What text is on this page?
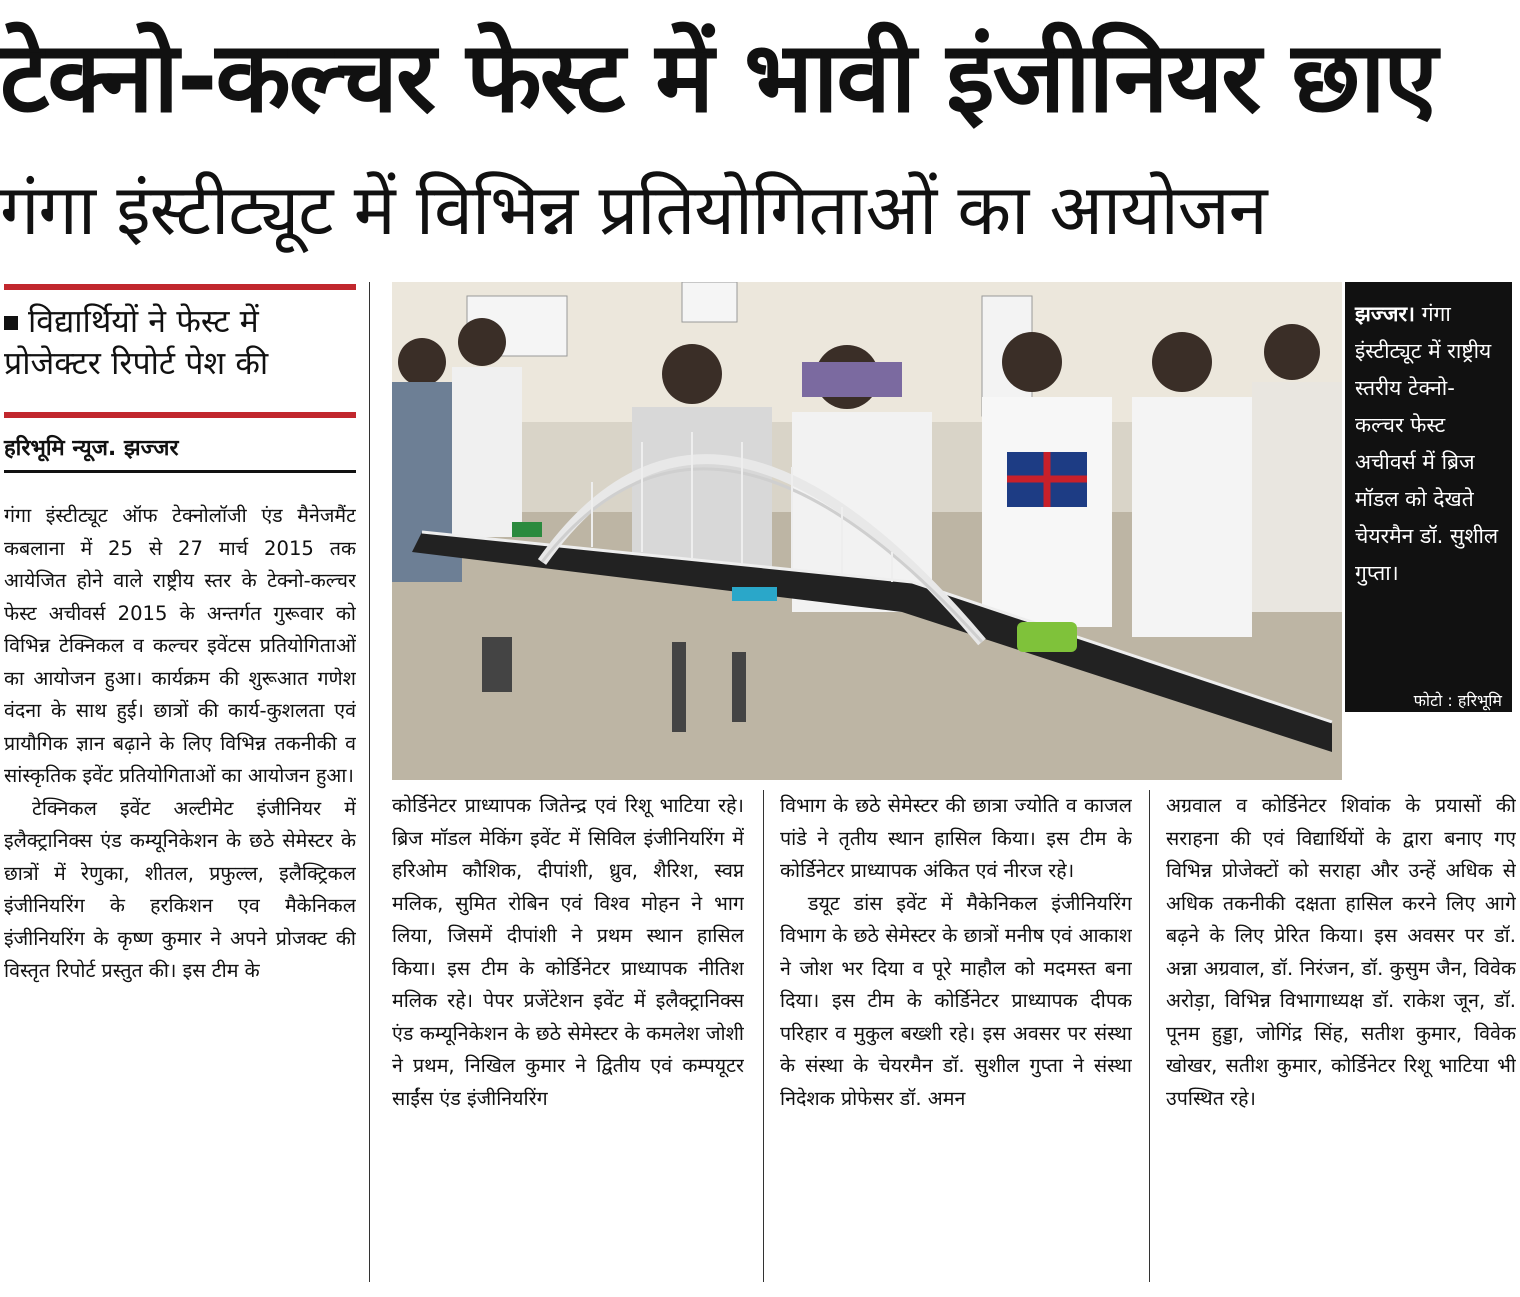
टेक्नो-कल्चर फेस्ट में भावी इंजीनियर छाए
गंगा इंस्टीट्यूट में विभिन्न प्रतियोगिताओं का आयोजन
विद्यार्थियों ने फेस्ट में प्रोजेक्टर रिपोर्ट पेश की
हरिभूमि न्यूज. झज्जर
झज्जर। गंगा इंस्टीट्यूट में राष्ट्रीय स्तरीय टेक्नो-कल्चर फेस्ट अचीवर्स में ब्रिज मॉडल को देखते चेयरमैन डॉ. सुशील गुप्ता।
फोटो : हरिभूमि

गंगा इंस्टीट्यूट ऑफ टेक्नोलॉजी एंड मैनेजमैंट कबलाना में 25 से 27 मार्च 2015 तक आयेजित होने वाले राष्ट्रीय स्तर के टेक्नो-कल्चर फेस्ट अचीवर्स 2015 के अन्तर्गत गुरूवार को विभिन्न टेक्निकल व कल्चर इवेंटस प्रतियोगिताओं का आयोजन हुआ। कार्यक्रम की शुरूआत गणेश वंदना के साथ हुई। छात्रों की कार्य-कुशलता एवं प्रायौगिक ज्ञान बढ़ाने के लिए विभिन्न तकनीकी व सांस्कृतिक इवेंट प्रतियोगिताओं का आयोजन हुआ।

टेक्निकल इवेंट अल्टीमेट इंजीनियर में इलैक्ट्रानिक्स एंड कम्यूनिकेशन के छठे सेमेस्टर के छात्रों में रेणुका, शीतल, प्रफुल्ल, इलैक्ट्रिकल इंजीनियरिंग के हरकिशन एव मैकेनिकल इंजीनियरिंग के कृष्ण कुमार ने अपने प्रोजक्ट की विस्तृत रिपोर्ट प्रस्तुत की। इस टीम के

कोर्डिनेटर प्राध्यापक जितेन्द्र एवं रिशू भाटिया रहे। ब्रिज मॉडल मेकिंग इवेंट में सिविल इंजीनियरिंग में हरिओम कौशिक, दीपांशी, ध्रुव, शैरिश, स्वप्न मलिक, सुमित रोबिन एवं विश्व मोहन ने भाग लिया, जिसमें दीपांशी ने प्रथम स्थान हासिल किया। इस टीम के कोर्डिनेटर प्राध्यापक नीतिश मलिक रहे। पेपर प्रजेंटेशन इवेंट में इलैक्ट्रानिक्स एंड कम्यूनिकेशन के छठे सेमेस्टर के कमलेश जोशी ने प्रथम, निखिल कुमार ने द्वितीय एवं कम्पयूटर साईंस एंड इंजीनियरिंग

विभाग के छठे सेमेस्टर की छात्रा ज्योति व काजल पांडे ने तृतीय स्थान हासिल किया। इस टीम के कोर्डिनेटर प्राध्यापक अंकित एवं नीरज रहे।

डयूट डांस इवेंट में मैकेनिकल इंजीनियरिंग विभाग के छठे सेमेस्टर के छात्रों मनीष एवं आकाश ने जोश भर दिया व पूरे माहौल को मदमस्त बना दिया। इस टीम के कोर्डिनेटर प्राध्यापक दीपक परिहार व मुकुल बख्शी रहे। इस अवसर पर संस्था के संस्था के चेयरमैन डॉ. सुशील गुप्ता ने संस्था निदेशक प्रोफेसर डॉ. अमन

अग्रवाल व कोर्डिनेटर शिवांक के प्रयासों की सराहना की एवं विद्यार्थियों के द्वारा बनाए गए विभिन्न प्रोजेक्टों को सराहा और उन्हें अधिक से अधिक तकनीकी दक्षता हासिल करने लिए आगे बढ़ने के लिए प्रेरित किया। इस अवसर पर डॉ. अन्ना अग्रवाल, डॉ. निरंजन, डॉ. कुसुम जैन, विवेक अरोड़ा, विभिन्न विभागाध्यक्ष डॉ. राकेश जून, डॉ. पूनम हुड्डा, जोगिंद्र सिंह, सतीश कुमार, विवेक खोखर, सतीश कुमार, कोर्डिनेटर रिशू भाटिया भी उपस्थित रहे।
